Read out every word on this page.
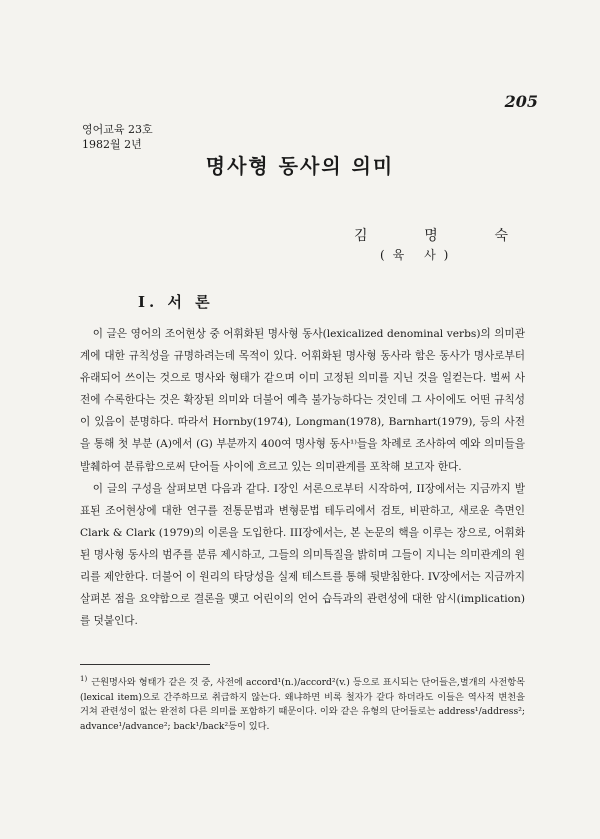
205
영어교육 23호
1982월 2년
명사형 동사의 의미
김	명	숙
(육 사)
I. 서 론

이 글은 영어의 조어현상 중 어휘화된 명사형 동사(lexicalized denominal verbs)의 의미관계에 대한 규칙성을 규명하려는데 목적이 있다. 어휘화된 명사형 동사라 함은 동사가 명사로부터 유래되어 쓰이는 것으로 명사와 형태가 같으며 이미 고정된 의미를 지닌 것을 일컫는다. 벌써 사전에 수록한다는 것은 확장된 의미와 더불어 예측 불가능하다는 것인데 그 사이에도 어떤 규칙성이 있음이 분명하다. 따라서 Hornby(1974), Longman(1978), Barnhart(1979), 등의 사전을 통해 첫 부분 (A)에서 (G) 부분까지 400여 명사형 동사¹⁾들을 차례로 조사하여 예와 의미들을 발췌하여 분류함으로써 단어들 사이에 흐르고 있는 의미관계를 포착해 보고자 한다.

이 글의 구성을 살펴보면 다음과 같다. I장인 서론으로부터 시작하여, II장에서는 지금까지 발표된 조어현상에 대한 연구를 전통문법과 변형문법 테두리에서 검토, 비판하고, 새로운 측면인 Clark & Clark (1979)의 이론을 도입한다. III장에서는, 본 논문의 핵을 이루는 장으로, 어휘화된 명사형 동사의 범주를 분류 제시하고, 그들의 의미특질을 밝히며 그들이 지니는 의미관계의 원리를 제안한다. 더불어 이 원리의 타당성을 실제 테스트를 통해 뒷받침한다. IV장에서는 지금까지 살펴본 점을 요약함으로 결론을 맺고 어린이의 언어 습득과의 관련성에 대한 암시(implication)를 덧붙인다.

$^{1)}$ 근원명사와 형태가 같은 것 중, 사전에 accord¹(n.)/accord²(v.) 등으로 표시되는 단어들은,별개의 사전항목(lexical item)으로 간주하므로 취급하지 않는다. 왜냐하면 비록 철자가 같다 하더라도 이들은 역사적 변천을 거쳐 관련성이 없는 완전히 다른 의미를 포함하기 때문이다. 이와 같은 유형의 단어들로는 address¹/address²; advance¹/advance²; back¹/back²등이 있다.
